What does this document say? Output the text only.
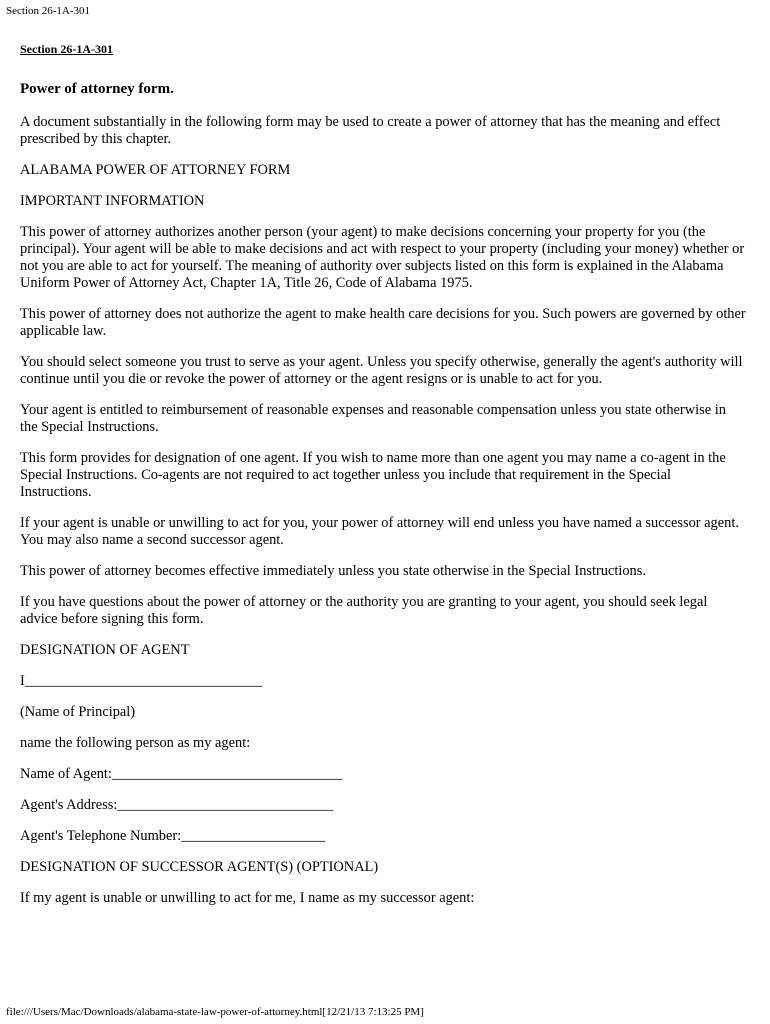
Section 26-1A-301
Section 26-1A-301
Power of attorney form.

A document substantially in the following form may be used to create a power of attorney that has the meaning and effect prescribed by this chapter.

ALABAMA POWER OF ATTORNEY FORM

IMPORTANT INFORMATION

This power of attorney authorizes another person (your agent) to make decisions concerning your property for you (the principal). Your agent will be able to make decisions and act with respect to your property (including your money) whether or not you are able to act for yourself. The meaning of authority over subjects listed on this form is explained in the Alabama Uniform Power of Attorney Act, Chapter 1A, Title 26, Code of Alabama 1975.

This power of attorney does not authorize the agent to make health care decisions for you. Such powers are governed by other applicable law.

You should select someone you trust to serve as your agent. Unless you specify otherwise, generally the agent's authority will continue until you die or revoke the power of attorney or the agent resigns or is unable to act for you.

Your agent is entitled to reimbursement of reasonable expenses and reasonable compensation unless you state otherwise in the Special Instructions.

This form provides for designation of one agent. If you wish to name more than one agent you may name a co-agent in the Special Instructions. Co-agents are not required to act together unless you include that requirement in the Special Instructions.

If your agent is unable or unwilling to act for you, your power of attorney will end unless you have named a successor agent. You may also name a second successor agent.

This power of attorney becomes effective immediately unless you state otherwise in the Special Instructions.

If you have questions about the power of attorney or the authority you are granting to your agent, you should seek legal advice before signing this form.

DESIGNATION OF AGENT

I_________________________________

(Name of Principal)

name the following person as my agent:

Name of Agent:________________________________

Agent's Address:______________________________

Agent's Telephone Number:____________________

DESIGNATION OF SUCCESSOR AGENT(S) (OPTIONAL)

If my agent is unable or unwilling to act for me, I name as my successor agent:

file:///Users/Mac/Downloads/alabama-state-law-power-of-attorney.html[12/21/13 7:13:25 PM]
